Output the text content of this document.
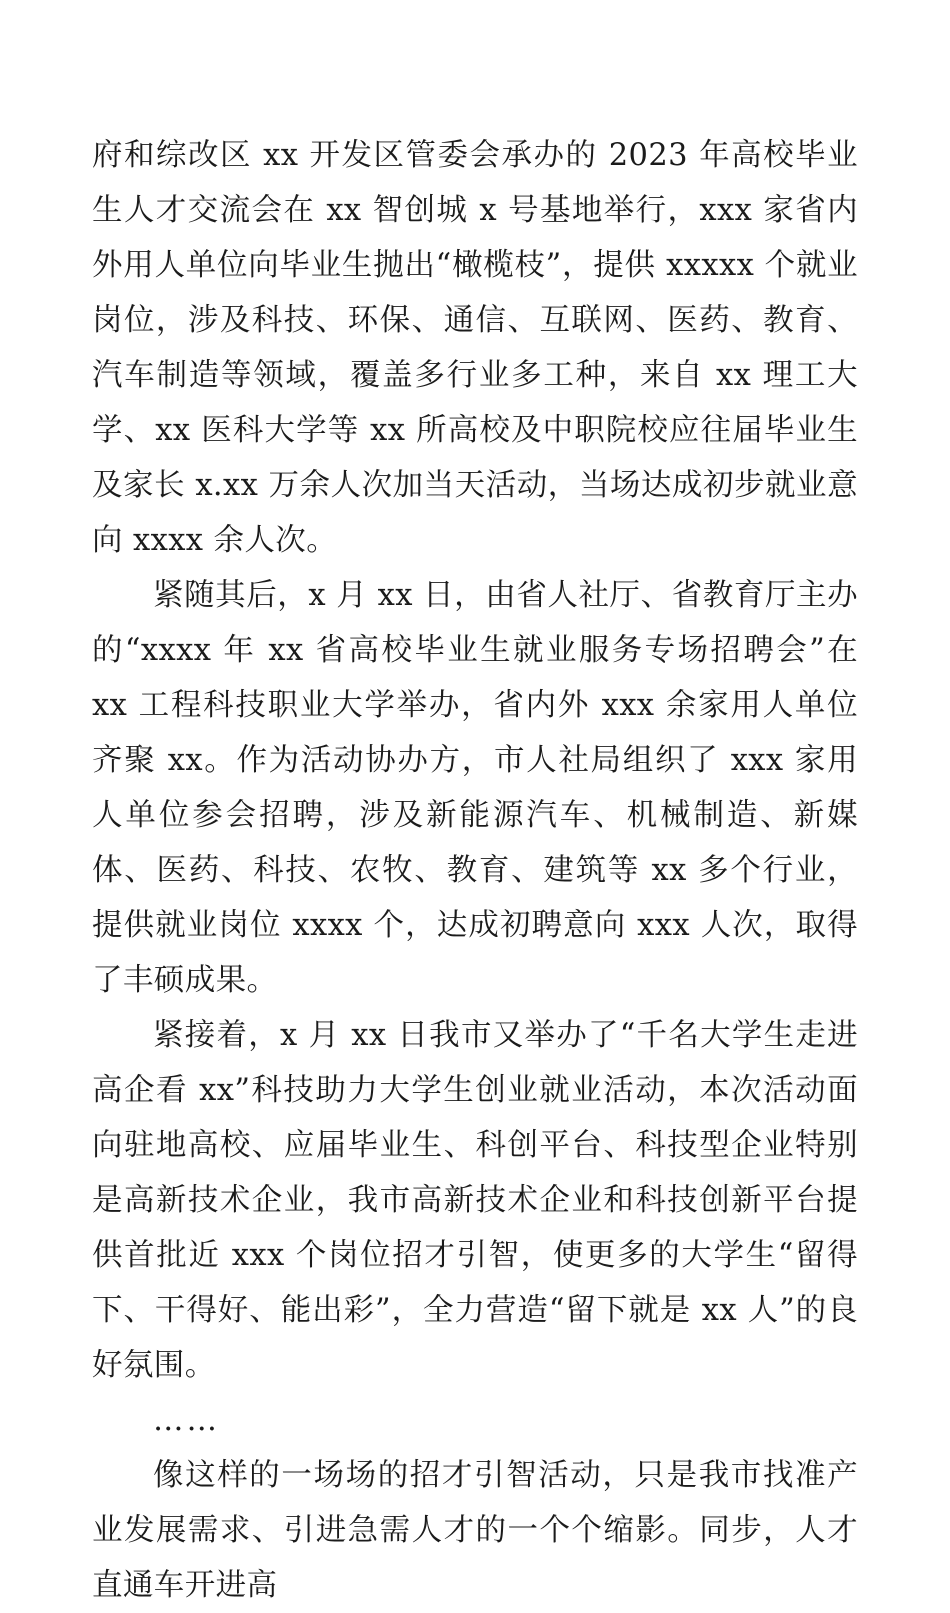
府和综改区 xx 开发区管委会承办的 2023 年高校毕业生人才交流会在 xx 智创城 x 号基地举行，xxx 家省内外用人单位向毕业生抛出“橄榄枝”，提供 xxxxx 个就业岗位，涉及科技、环保、通信、互联网、医药、教育、汽车制造等领域，覆盖多行业多工种，来自 xx 理工大学、xx 医科大学等 xx 所高校及中职院校应往届毕业生及家长 x.xx 万余人次加当天活动，当场达成初步就业意向 xxxx 余人次。

紧随其后，x 月 xx 日，由省人社厅、省教育厅主办的“xxxx 年 xx 省高校毕业生就业服务专场招聘会”在 xx 工程科技职业大学举办，省内外 xxx 余家用人单位齐聚 xx。作为活动协办方，市人社局组织了 xxx 家用人单位参会招聘，涉及新能源汽车、机械制造、新媒体、医药、科技、农牧、教育、建筑等 xx 多个行业，提供就业岗位 xxxx 个，达成初聘意向 xxx 人次，取得了丰硕成果。

紧接着，x 月 xx 日我市又举办了“千名大学生走进高企看 xx”科技助力大学生创业就业活动，本次活动面向驻地高校、应届毕业生、科创平台、科技型企业特别是高新技术企业，我市高新技术企业和科技创新平台提供首批近 xxx 个岗位招才引智，使更多的大学生“留得下、干得好、能出彩”，全力营造“留下就是 xx 人”的良好氛围。

……

像这样的一场场的招才引智活动，只是我市找准产业发展需求、引进急需人才的一个个缩影。同步，人才直通车开进高
